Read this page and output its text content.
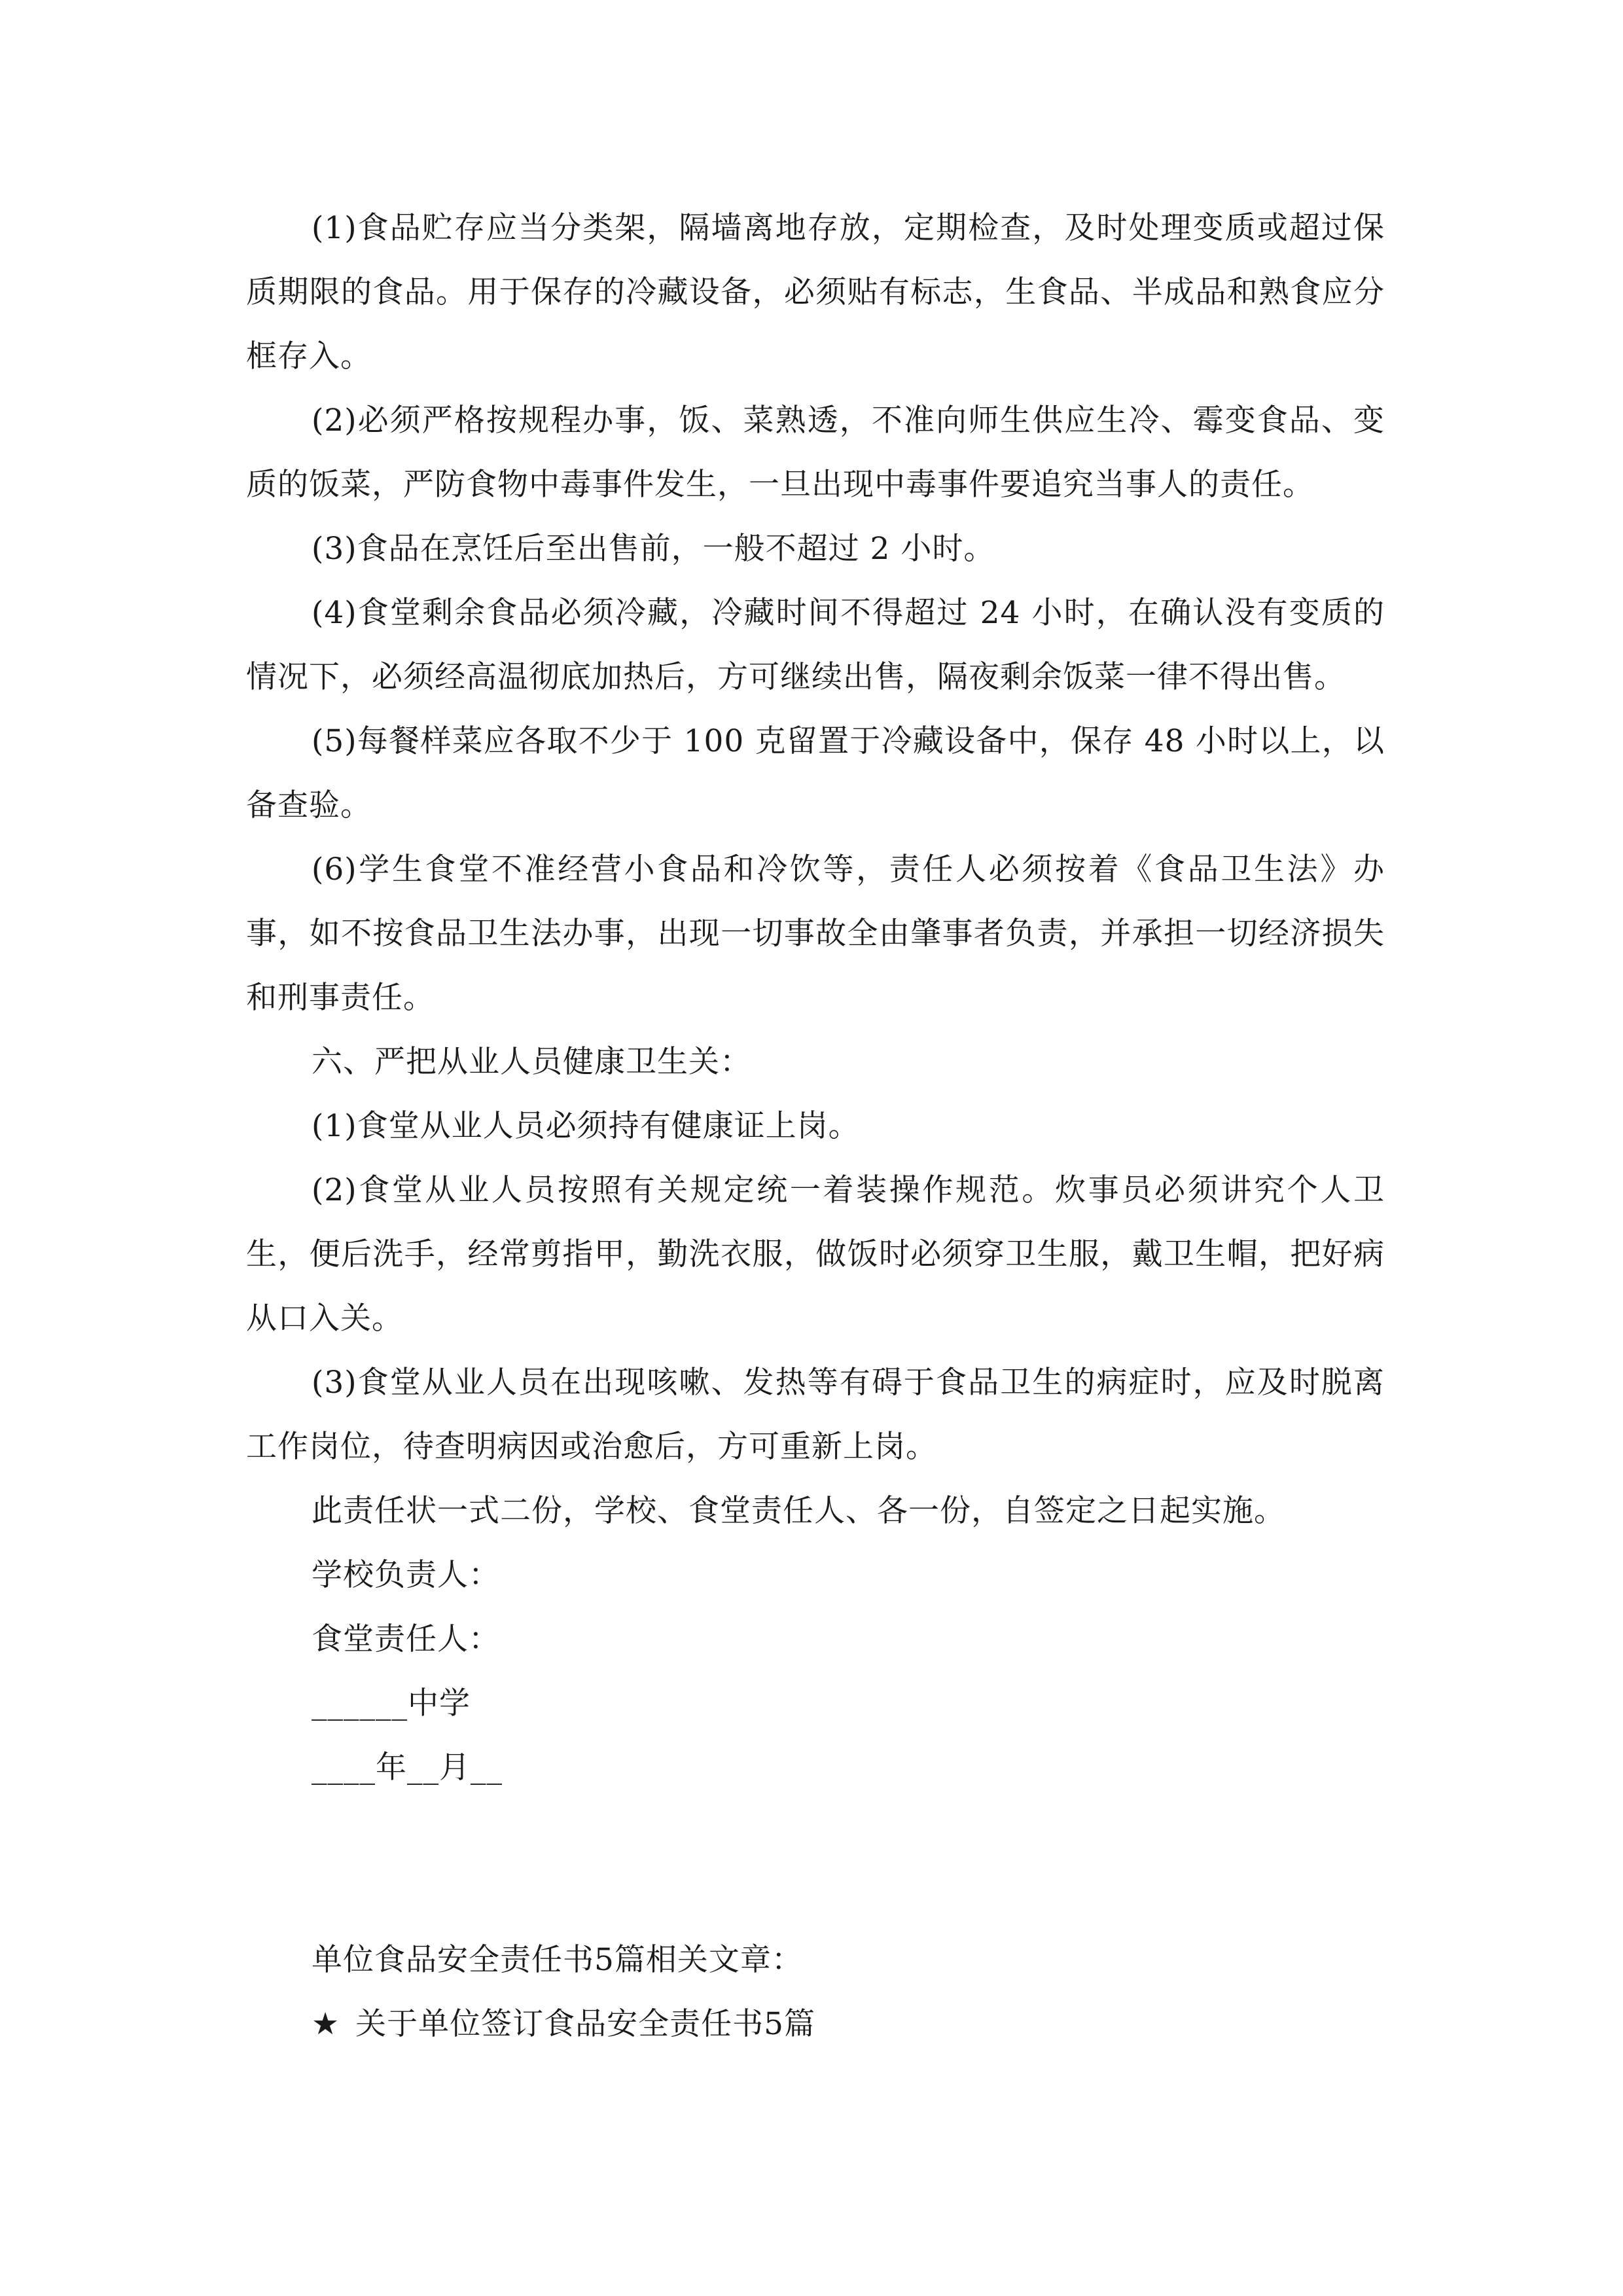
(1)食品贮存应当分类架，隔墙离地存放，定期检查，及时处理变质或超过保质期限的食品。用于保存的冷藏设备，必须贴有标志，生食品、半成品和熟食应分框存入。

(2)必须严格按规程办事，饭、菜熟透，不准向师生供应生冷、霉变食品、变质的饭菜，严防食物中毒事件发生，一旦出现中毒事件要追究当事人的责任。

(3)食品在烹饪后至出售前，一般不超过 2 小时。

(4)食堂剩余食品必须冷藏，冷藏时间不得超过 24 小时，在确认没有变质的情况下，必须经高温彻底加热后，方可继续出售，隔夜剩余饭菜一律不得出售。

(5)每餐样菜应各取不少于 100 克留置于冷藏设备中，保存 48 小时以上，以备查验。

(6)学生食堂不准经营小食品和冷饮等，责任人必须按着《食品卫生法》办事，如不按食品卫生法办事，出现一切事故全由肇事者负责，并承担一切经济损失和刑事责任。

六、严把从业人员健康卫生关：

(1)食堂从业人员必须持有健康证上岗。

(2)食堂从业人员按照有关规定统一着装操作规范。炊事员必须讲究个人卫生，便后洗手，经常剪指甲，勤洗衣服，做饭时必须穿卫生服，戴卫生帽，把好病从口入关。

(3)食堂从业人员在出现咳嗽、发热等有碍于食品卫生的病症时，应及时脱离工作岗位，待查明病因或治愈后，方可重新上岗。

此责任状一式二份，学校、食堂责任人、各一份，自签定之日起实施。

学校负责人：

食堂责任人：

______中学

____年__月__

单位食品安全责任书5篇相关文章：

★ 关于单位签订食品安全责任书5篇
